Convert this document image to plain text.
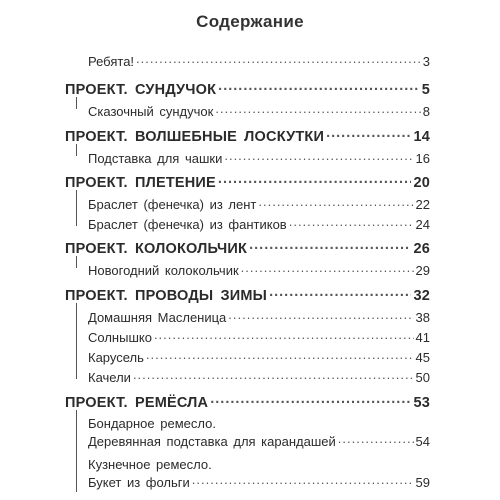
Содержание
Ребята! .....	3
ПРОЕКТ. СУНДУЧОК .....	5
Сказочный сундучок .....	8
ПРОЕКТ. ВОЛШЕБНЫЕ ЛОСКУТКИ .....	14
Подставка для чашки .....	16
ПРОЕКТ. ПЛЕТЕНИЕ .....	20
Браслет (фенечка) из лент .....	22
Браслет (фенечка) из фантиков .....	24
ПРОЕКТ. КОЛОКОЛЬЧИК .....	26
Новогодний колокольчик .....	29
ПРОЕКТ. ПРОВОДЫ ЗИМЫ .....	32
Домашняя Масленица .....	38
Солнышко .....	41
Карусель .....	45
Качели .....	50
ПРОЕКТ. РЕМЁСЛА .....	53
Бондарное ремесло.
Деревянная подставка для карандашей .....	54
Кузнечное ремесло.
Букет из фольги .....	59
